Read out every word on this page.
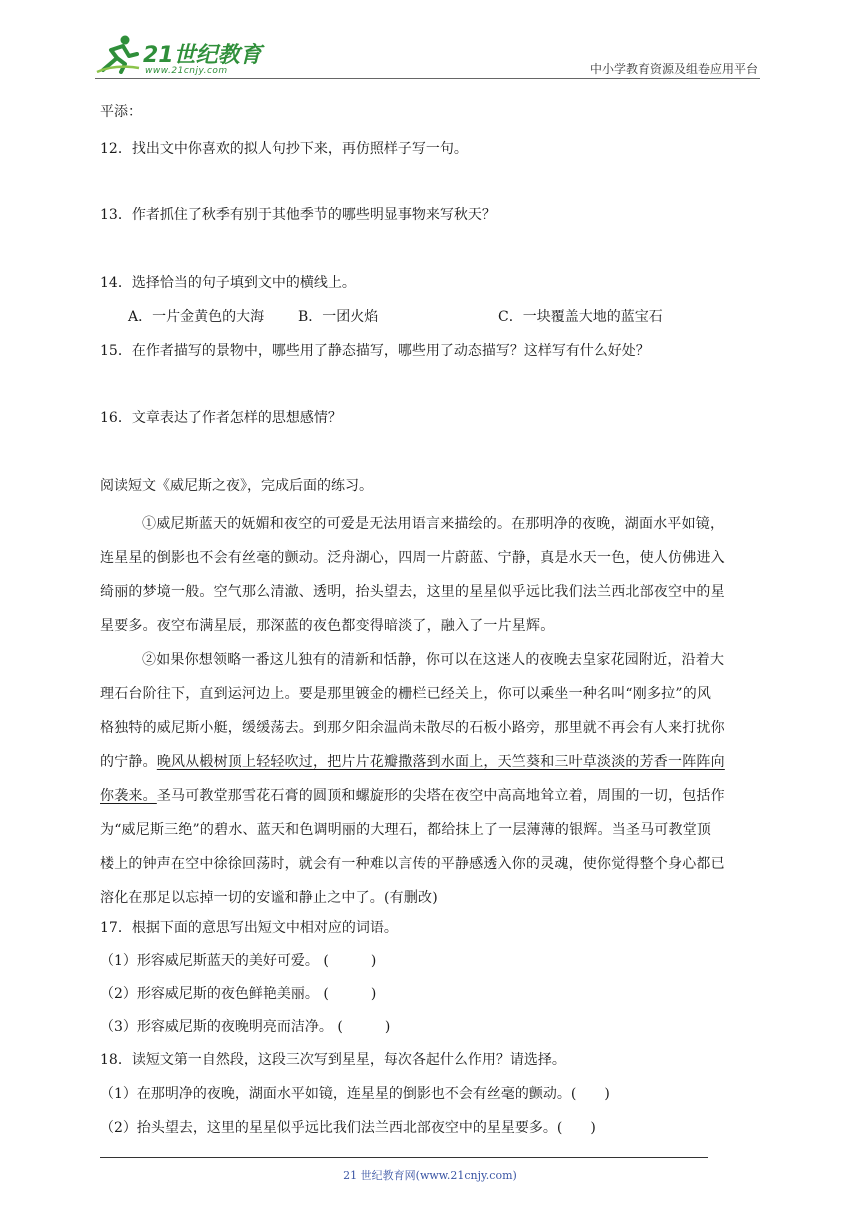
21世纪教育
www.21cnjy.com	中小学教育资源及组卷应用平台
平添：
12．找出文中你喜欢的拟人句抄下来，再仿照样子写一句。
13．作者抓住了秋季有别于其他季节的哪些明显事物来写秋天？
14．选择恰当的句子填到文中的横线上。
A．一片金黄色的大海 B．一团火焰	C．一块覆盖大地的蓝宝石
15．在作者描写的景物中，哪些用了静态描写，哪些用了动态描写？这样写有什么好处？
16．文章表达了作者怎样的思想感情？
阅读短文《威尼斯之夜》，完成后面的练习。
①威尼斯蓝天的妩媚和夜空的可爱是无法用语言来描绘的。在那明净的夜晚，湖面水平如镜，
连星星的倒影也不会有丝毫的颤动。泛舟湖心，四周一片蔚蓝、宁静，真是水天一色，使人仿佛进入
绮丽的梦境一般。空气那么清澈、透明，抬头望去，这里的星星似乎远比我们法兰西北部夜空中的星
星要多。夜空布满星辰，那深蓝的夜色都变得暗淡了，融入了一片星辉。
②如果你想领略一番这儿独有的清新和恬静，你可以在这迷人的夜晚去皇家花园附近，沿着大
理石台阶往下，直到运河边上。要是那里镀金的栅栏已经关上，你可以乘坐一种名叫“刚多拉”的风
格独特的威尼斯小艇，缓缓荡去。到那夕阳余温尚未散尽的石板小路旁，那里就不再会有人来打扰你
的宁静。晚风从椴树顶上轻轻吹过，把片片花瓣撒落到水面上，天竺葵和三叶草淡淡的芳香一阵阵向
你袭来。圣马可教堂那雪花石膏的圆顶和螺旋形的尖塔在夜空中高高地耸立着，周围的一切，包括作
为“威尼斯三绝”的碧水、蓝天和色调明丽的大理石，都给抹上了一层薄薄的银辉。当圣马可教堂顶
楼上的钟声在空中徐徐回荡时，就会有一种难以言传的平静感透入你的灵魂，使你觉得整个身心都已
溶化在那足以忘掉一切的安谧和静止之中了。(有删改)
17．根据下面的意思写出短文中相对应的词语。
（1）形容威尼斯蓝天的美好可爱。 (　　　)
（2）形容威尼斯的夜色鲜艳美丽。 (　　　)
（3）形容威尼斯的夜晚明亮而洁净。 (　　　)
18．读短文第一自然段，这段三次写到星星，每次各起什么作用？请选择。
（1）在那明净的夜晚，湖面水平如镜，连星星的倒影也不会有丝毫的颤动。(　　)
（2）抬头望去，这里的星星似乎远比我们法兰西北部夜空中的星星要多。(　　)
21 世纪教育网(www.21cnjy.com)
